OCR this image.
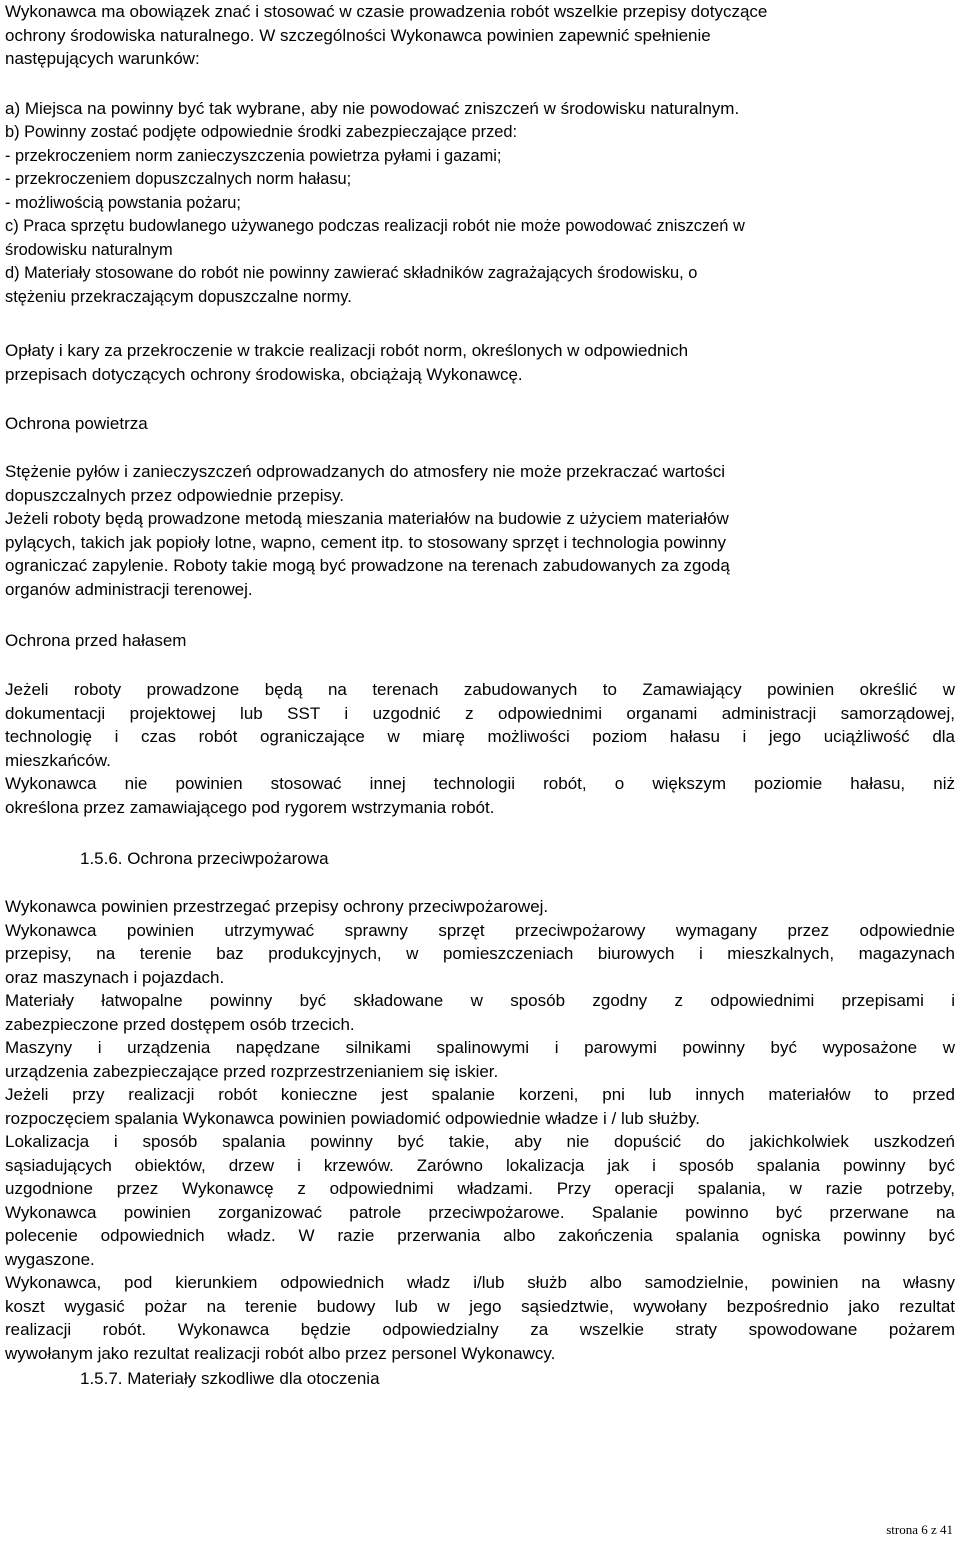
Wykonawca ma obowiązek znać i stosować w czasie prowadzenia robót wszelkie przepisy dotyczące
ochrony środowiska naturalnego. W szczególności Wykonawca powinien zapewnić spełnienie
następujących warunków:
a) Miejsca na powinny być tak wybrane, aby nie powodować zniszczeń w środowisku naturalnym.
b) Powinny zostać podjęte odpowiednie środki zabezpieczające przed:
- przekroczeniem norm zanieczyszczenia powietrza pyłami i gazami;
- przekroczeniem dopuszczalnych norm hałasu;
- możliwością powstania pożaru;
c) Praca sprzętu budowlanego używanego podczas realizacji robót nie może powodować zniszczeń w
środowisku naturalnym
d) Materiały stosowane do robót nie powinny zawierać składników zagrażających środowisku, o
stężeniu przekraczającym dopuszczalne normy.
Opłaty i kary za przekroczenie w trakcie realizacji robót norm, określonych w odpowiednich
przepisach dotyczących ochrony środowiska, obciążają Wykonawcę.
Ochrona powietrza
Stężenie pyłów i zanieczyszczeń odprowadzanych do atmosfery nie może przekraczać wartości
dopuszczalnych przez odpowiednie przepisy.
Jeżeli roboty będą prowadzone metodą mieszania materiałów na budowie z użyciem materiałów
pylących, takich jak popioły lotne, wapno, cement itp. to stosowany sprzęt i technologia powinny
ograniczać zapylenie. Roboty takie mogą być prowadzone na terenach zabudowanych za zgodą
organów administracji terenowej.
Ochrona przed hałasem
Jeżeli roboty prowadzone będą na terenach zabudowanych to Zamawiający powinien określić w
dokumentacji projektowej lub SST i uzgodnić z odpowiednimi organami administracji samorządowej,
technologię i czas robót ograniczające w miarę możliwości poziom hałasu i jego uciążliwość dla
mieszkańców.
Wykonawca nie powinien stosować innej technologii robót, o większym poziomie hałasu, niż
określona przez zamawiającego pod rygorem wstrzymania robót.
1.5.6. Ochrona przeciwpożarowa
Wykonawca powinien przestrzegać przepisy ochrony przeciwpożarowej.
Wykonawca powinien utrzymywać sprawny sprzęt przeciwpożarowy wymagany przez odpowiednie
przepisy, na terenie baz produkcyjnych, w pomieszczeniach biurowych i mieszkalnych, magazynach
oraz maszynach i pojazdach.
Materiały łatwopalne powinny być składowane w sposób zgodny z odpowiednimi przepisami i
zabezpieczone przed dostępem osób trzecich.
Maszyny i urządzenia napędzane silnikami spalinowymi i parowymi powinny być wyposażone w
urządzenia zabezpieczające przed rozprzestrzenianiem się iskier.
Jeżeli przy realizacji robót konieczne jest spalanie korzeni, pni lub innych materiałów to przed
rozpoczęciem spalania Wykonawca powinien powiadomić odpowiednie władze i / lub służby.
Lokalizacja i sposób spalania powinny być takie, aby nie dopuścić do jakichkolwiek uszkodzeń
sąsiadujących obiektów, drzew i krzewów. Zarówno lokalizacja jak i sposób spalania powinny być
uzgodnione przez Wykonawcę z odpowiednimi władzami. Przy operacji spalania, w razie potrzeby,
Wykonawca powinien zorganizować patrole przeciwpożarowe. Spalanie powinno być przerwane na
polecenie odpowiednich władz. W razie przerwania albo zakończenia spalania ogniska powinny być
wygaszone.
Wykonawca, pod kierunkiem odpowiednich władz i/lub służb albo samodzielnie, powinien na własny
koszt wygasić pożar na terenie budowy lub w jego sąsiedztwie, wywołany bezpośrednio jako rezultat
realizacji robót. Wykonawca będzie odpowiedzialny za wszelkie straty spowodowane pożarem
wywołanym jako rezultat realizacji robót albo przez personel Wykonawcy.
1.5.7. Materiały szkodliwe dla otoczenia
strona 6 z 41
